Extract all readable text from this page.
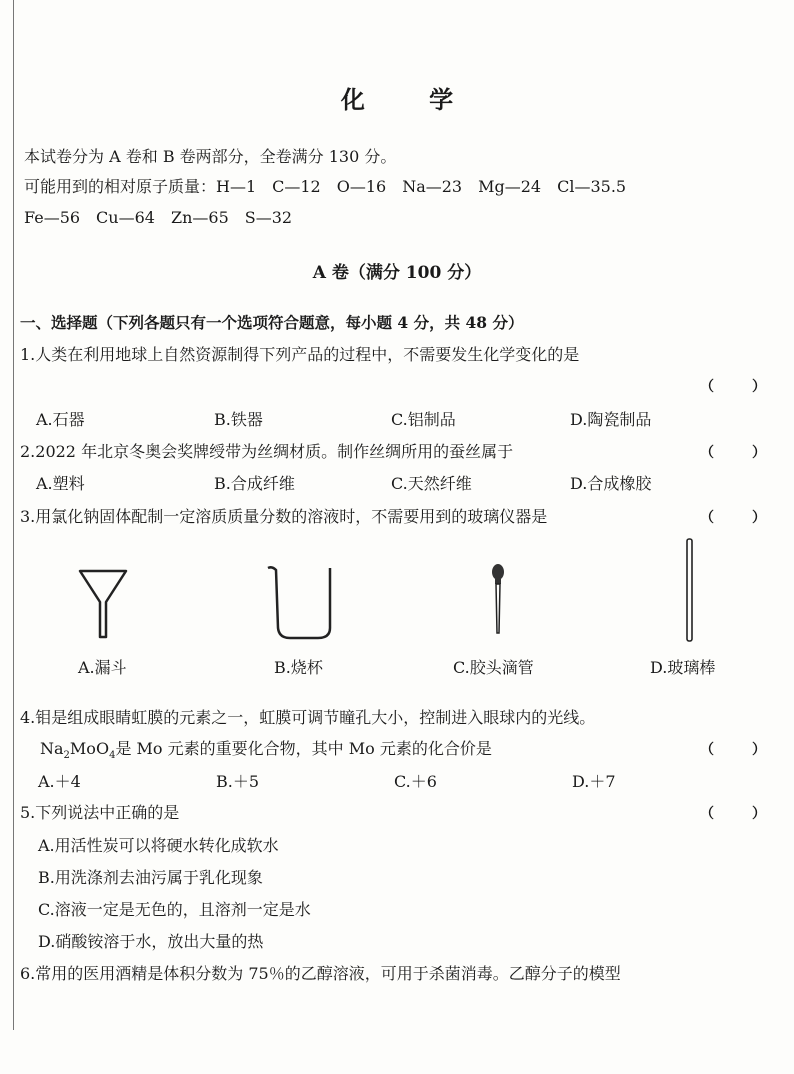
化 学
本试卷分为 A 卷和 B 卷两部分，全卷满分 130 分。
可能用到的相对原子质量：H—1　C—12　O—16　Na—23　Mg—24　Cl—35.5
Fe—56　Cu—64　Zn—65　S—32
A 卷（满分 100 分）
一、选择题（下列各题只有一个选项符合题意，每小题 4 分，共 48 分）
1.人类在利用地球上自然资源制得下列产品的过程中，不需要发生化学变化的是
（	）
A.石器	B.铁器	C.铝制品	D.陶瓷制品
2.2022 年北京冬奥会奖牌绶带为丝绸材质。制作丝绸所用的蚕丝属于	（	）
A.塑料	B.合成纤维	C.天然纤维	D.合成橡胶
3.用氯化钠固体配制一定溶质质量分数的溶液时，不需要用到的玻璃仪器是	（	）
A.漏斗	B.烧杯	C.胶头滴管	D.玻璃棒
4.钼是组成眼睛虹膜的元素之一，虹膜可调节瞳孔大小，控制进入眼球内的光线。
$Na_2MoO_4$是 Mo 元素的重要化合物，其中 Mo 元素的化合价是	（	）
A.＋4	B.＋5	C.＋6	D.＋7
5.下列说法中正确的是	（	）
A.用活性炭可以将硬水转化成软水
B.用洗涤剂去油污属于乳化现象
C.溶液一定是无色的，且溶剂一定是水
D.硝酸铵溶于水，放出大量的热
6.常用的医用酒精是体积分数为 75％的乙醇溶液，可用于杀菌消毒。乙醇分子的模型
